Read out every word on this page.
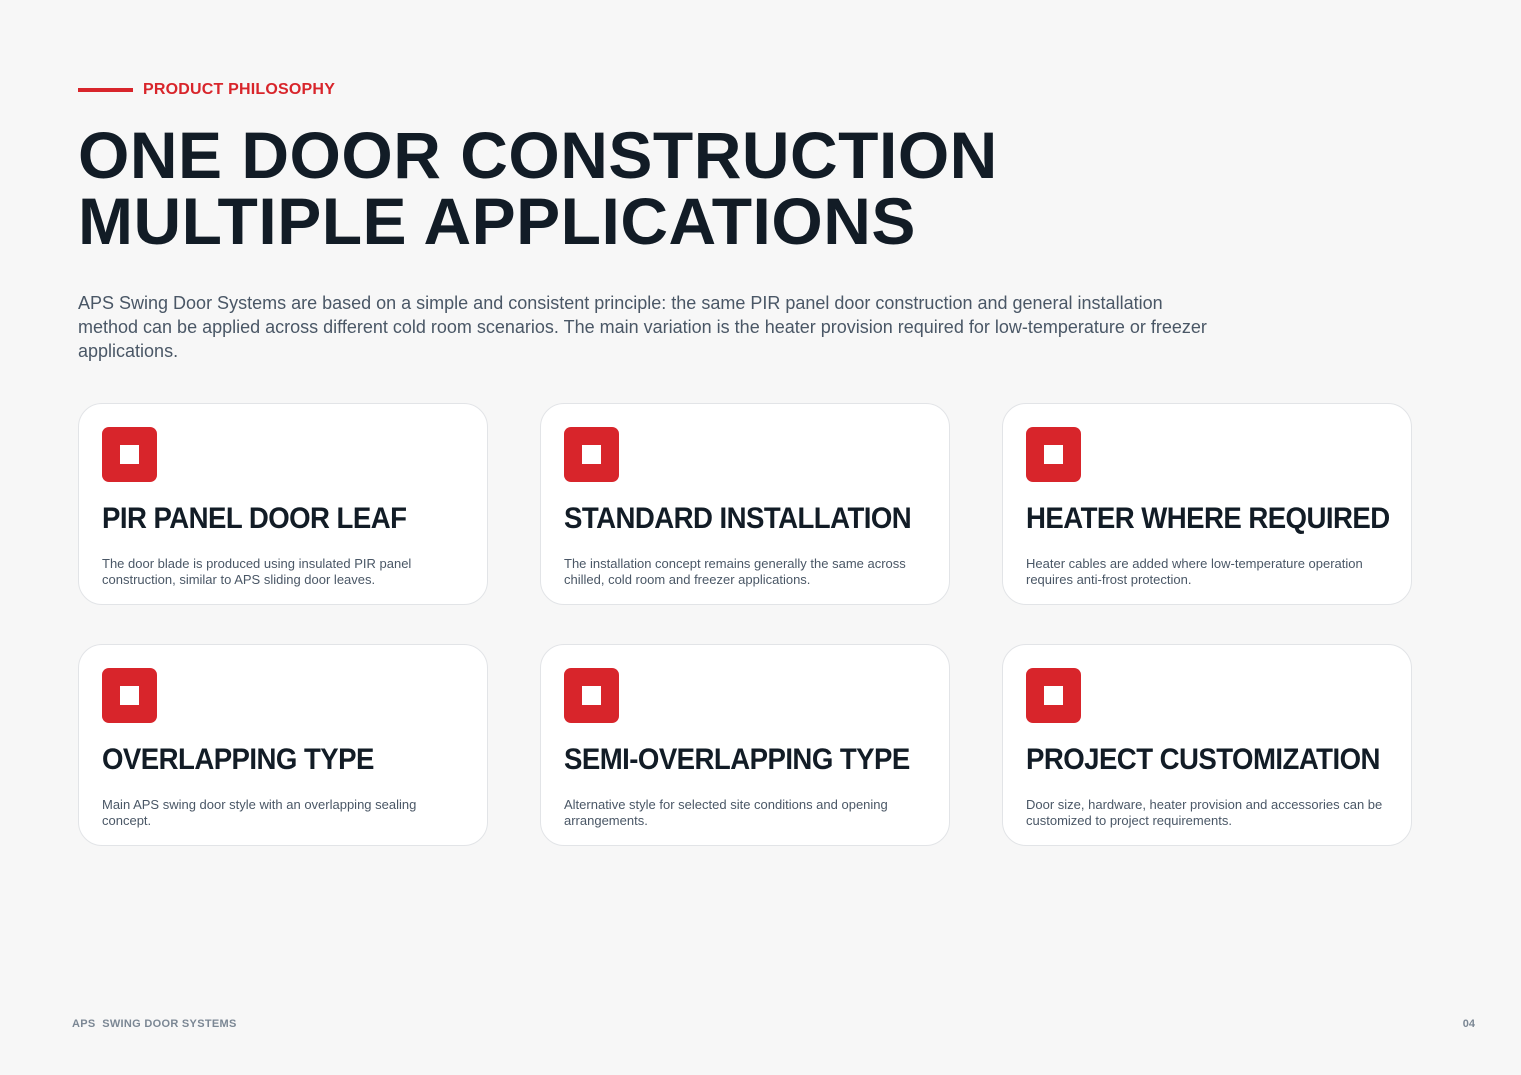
PRODUCT PHILOSOPHY
ONE DOOR CONSTRUCTION
MULTIPLE APPLICATIONS

APS Swing Door Systems are based on a simple and consistent principle: the same PIR panel door construction and general installation method can be applied across different cold room scenarios. The main variation is the heater provision required for low-temperature or freezer applications.

PIR PANEL DOOR LEAF

The door blade is produced using insulated PIR panel construction, similar to APS sliding door leaves.

STANDARD INSTALLATION

The installation concept remains generally the same across chilled, cold room and freezer applications.

HEATER WHERE REQUIRED

Heater cables are added where low-temperature operation requires anti-frost protection.

OVERLAPPING TYPE

Main APS swing door style with an overlapping sealing concept.

SEMI-OVERLAPPING TYPE

Alternative style for selected site conditions and opening arrangements.

PROJECT CUSTOMIZATION

Door size, hardware, heater provision and accessories can be customized to project requirements.

APS  SWING DOOR SYSTEMS	04
